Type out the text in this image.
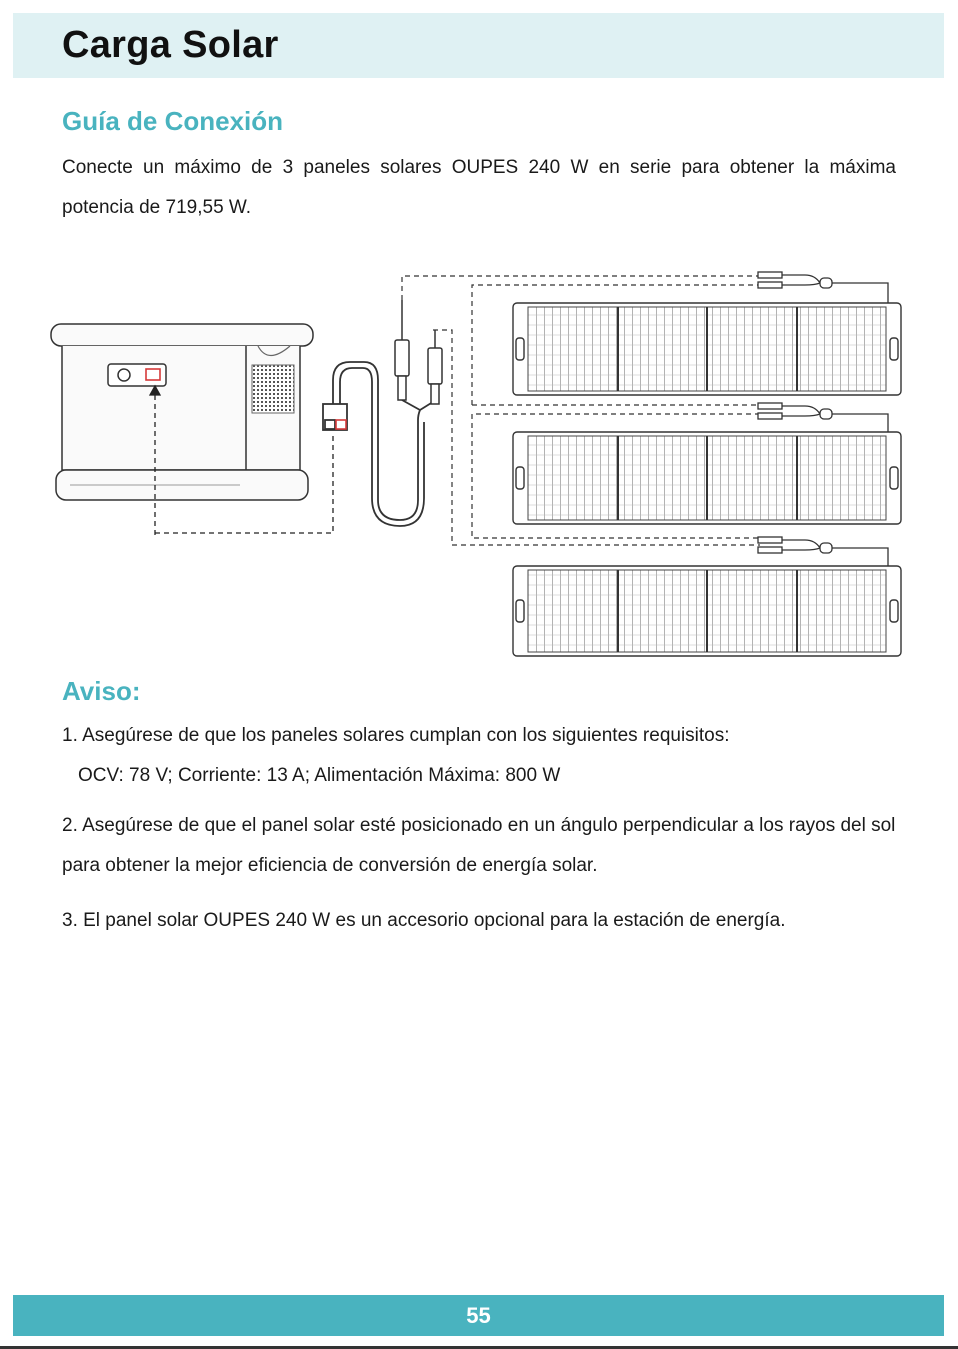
Carga Solar
Guía de Conexión

Conecte un máximo de 3 paneles solares OUPES 240 W en serie para obtener la máxima potencia de 719,55 W.

Aviso:

1. Asegúrese de que los paneles solares cumplan con los siguientes requisitos:

OCV: 78 V; Corriente: 13 A; Alimentación Máxima: 800 W

2. Asegúrese de que el panel solar esté posicionado en un ángulo perpendicular a los rayos del sol para obtener la mejor eficiencia de conversión de energía solar.

3. El panel solar OUPES 240 W es un accesorio opcional para la estación de energía.

55
